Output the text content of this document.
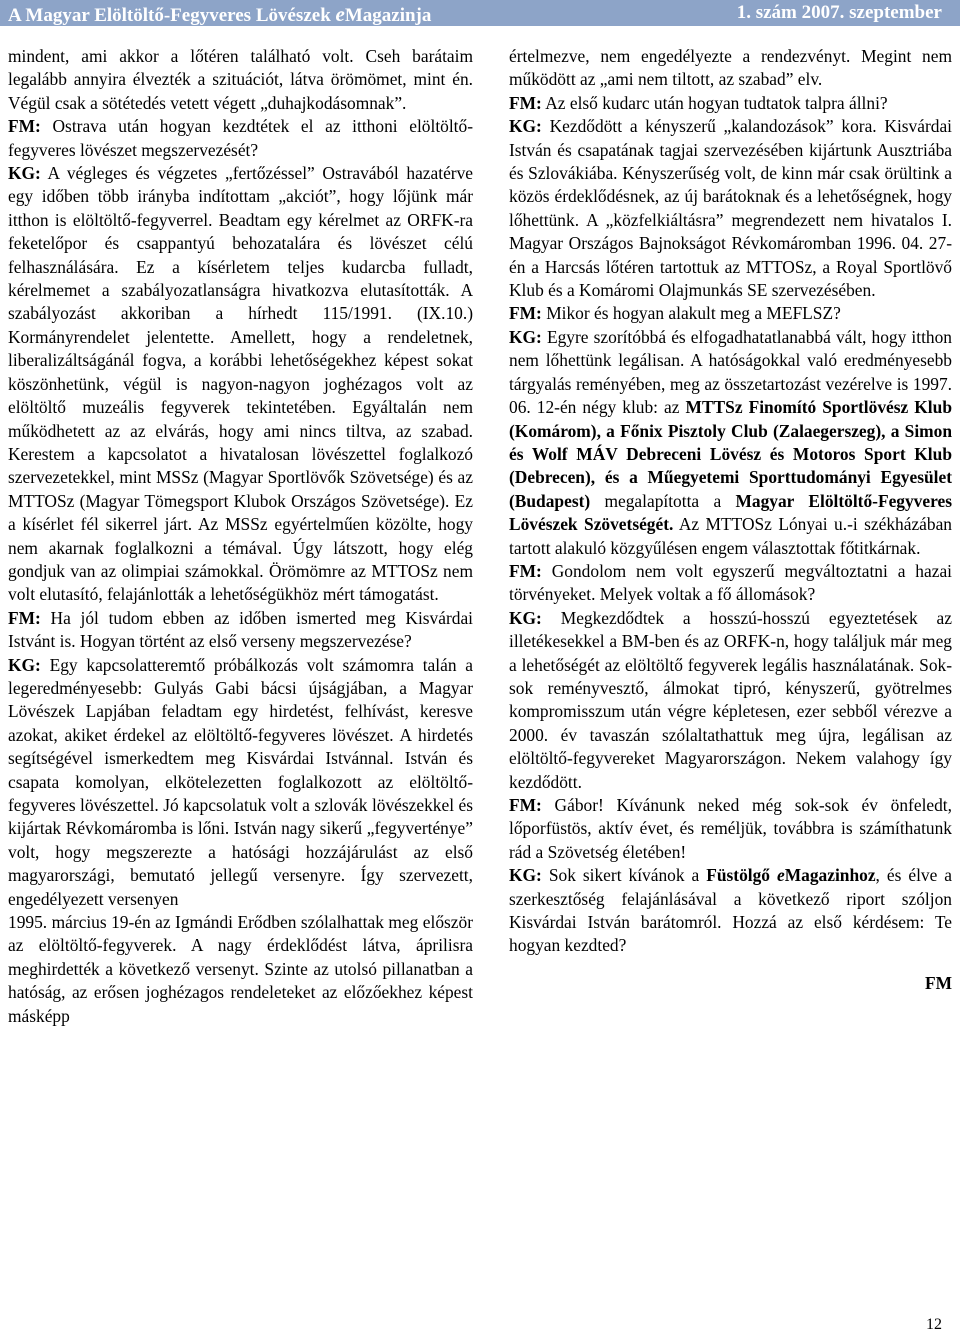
A Magyar Elöltöltő-Fegyveres Lövészek eMagazinja	1. szám 2007. szeptember

mindent, ami akkor a lőtéren található volt. Cseh barátaim legalább annyira élvezték a szituációt, látva örömömet, mint én. Végül csak a sötétedés vetett végett „duhajkodásomnak”.

FM: Ostrava után hogyan kezdtétek el az itthoni elöltöltő-fegyveres lövészet megszervezését?

KG: A végleges és végzetes „fertőzéssel” Ostravából hazatérve egy időben több irányba indítottam „akciót”, hogy lőjünk már itthon is elöltöltő-fegyverrel. Beadtam egy kérelmet az ORFK-ra feketelőpor és csappantyú behozatalára és lövészet célú felhasználására. Ez a kísérletem teljes kudarcba fulladt, kérelmemet a szabályozatlanságra hivatkozva elutasították. A szabályozást akkoriban a hírhedt 115/1991. (IX.10.) Kormányrendelet jelentette. Amellett, hogy a rendeletnek, liberalizáltságánál fogva, a korábbi lehetőségekhez képest sokat köszönhetünk, végül is nagyon-nagyon joghézagos volt az elöltöltő muzeális fegyverek tekintetében. Egyáltalán nem működhetett az az elvárás, hogy ami nincs tiltva, az szabad. Kerestem a kapcsolatot a hivatalosan lövészettel foglalkozó szervezetekkel, mint MSSz (Magyar Sportlövők Szövetsége) és az MTTOSz (Magyar Tömegsport Klubok Országos Szövetsége). Ez a kísérlet fél sikerrel járt. Az MSSz egyértelműen közölte, hogy nem akarnak foglalkozni a témával. Úgy látszott, hogy elég gondjuk van az olimpiai számokkal. Örömömre az MTTOSz nem volt elutasító, felajánlották a lehetőségükhöz mért támogatást.

FM: Ha jól tudom ebben az időben ismerted meg Kisvárdai Istvánt is. Hogyan történt az első verseny megszervezése?

KG: Egy kapcsolatteremtő próbálkozás volt számomra talán a legeredményesebb: Gulyás Gabi bácsi újságjában, a Magyar Lövészek Lapjában feladtam egy hirdetést, felhívást, keresve azokat, akiket érdekel az elöltöltő-fegyveres lövészet. A hirdetés segítségével ismerkedtem meg Kisvárdai Istvánnal. István és csapata komolyan, elkötelezetten foglalkozott az elöltöltő-fegyveres lövészettel. Jó kapcsolatuk volt a szlovák lövészekkel és kijártak Révkomáromba is lőni. István nagy sikerű „fegyverténye” volt, hogy megszerezte a hatósági hozzájárulást az első magyarországi, bemutató jellegű versenyre. Így szervezett, engedélyezett versenyen

1995. március 19-én az Igmándi Erődben szólalhattak meg először az elöltöltő-fegyverek. A nagy érdeklődést látva, áprilisra meghirdették a következő versenyt. Szinte az utolsó pillanatban a hatóság, az erősen joghézagos rendeleteket az előzőekhez képest másképp

értelmezve, nem engedélyezte a rendezvényt. Megint nem működött az „ami nem tiltott, az szabad” elv.

FM: Az első kudarc után hogyan tudtatok talpra állni?

KG: Kezdődött a kényszerű „kalandozások” kora. Kisvárdai István és csapatának tagjai szervezésében kijártunk Ausztriába és Szlovákiába. Kényszerűség volt, de kinn már csak örültink a közös érdeklődésnek, az új barátoknak és a lehetőségnek, hogy lőhettünk. A „közfelkiáltásra” megrendezett nem hivatalos I. Magyar Országos Bajnokságot Révkomáromban 1996. 04. 27-én a Harcsás lőtéren tartottuk az MTTOSz, a Royal Sportlövő Klub és a Komáromi Olajmunkás SE szervezésében.

FM: Mikor és hogyan alakult meg a MEFLSZ?

KG: Egyre szorítóbbá és elfogadhatatlanabbá vált, hogy itthon nem lőhettünk legálisan. A hatóságokkal való eredményesebb tárgyalás reményében, meg az összetartozást vezérelve is 1997. 06. 12-én négy klub: az MTTSz Finomító Sportlövész Klub (Komárom), a Főnix Pisztoly Club (Zalaegerszeg), a Simon és Wolf MÁV Debreceni Lövész és Motoros Sport Klub (Debrecen), és a Műegyetemi Sporttudományi Egyesület (Budapest) megalapította a Magyar Elöltöltő-Fegyveres Lövészek Szövetségét. Az MTTOSz Lónyai u.-i székházában tartott alakuló közgyűlésen engem választottak főtitkárnak.

FM: Gondolom nem volt egyszerű megváltoztatni a hazai törvényeket. Melyek voltak a fő állomások?

KG: Megkezdődtek a hosszú-hosszú egyeztetések az illetékesekkel a BM-ben és az ORFK-n, hogy találjuk már meg a lehetőségét az elöltöltő fegyverek legális használatának. Sok-sok reményvesztő, álmokat tipró, kényszerű, gyötrelmes kompromisszum után végre képletesen, ezer sebből vérezve a 2000. év tavaszán szólaltathattuk meg újra, legálisan az elöltöltő-fegyvereket Magyarországon. Nekem valahogy így kezdődött.

FM: Gábor! Kívánunk neked még sok-sok év önfeledt, lőporfüstös, aktív évet, és reméljük, továbbra is számíthatunk rád a Szövetség életében!

KG: Sok sikert kívánok a Füstölgő eMagazinhoz, és élve a szerkesztőség felajánlásával a következő riport szóljon Kisvárdai István barátomról. Hozzá az első kérdésem: Te hogyan kezdted?

FM

12
